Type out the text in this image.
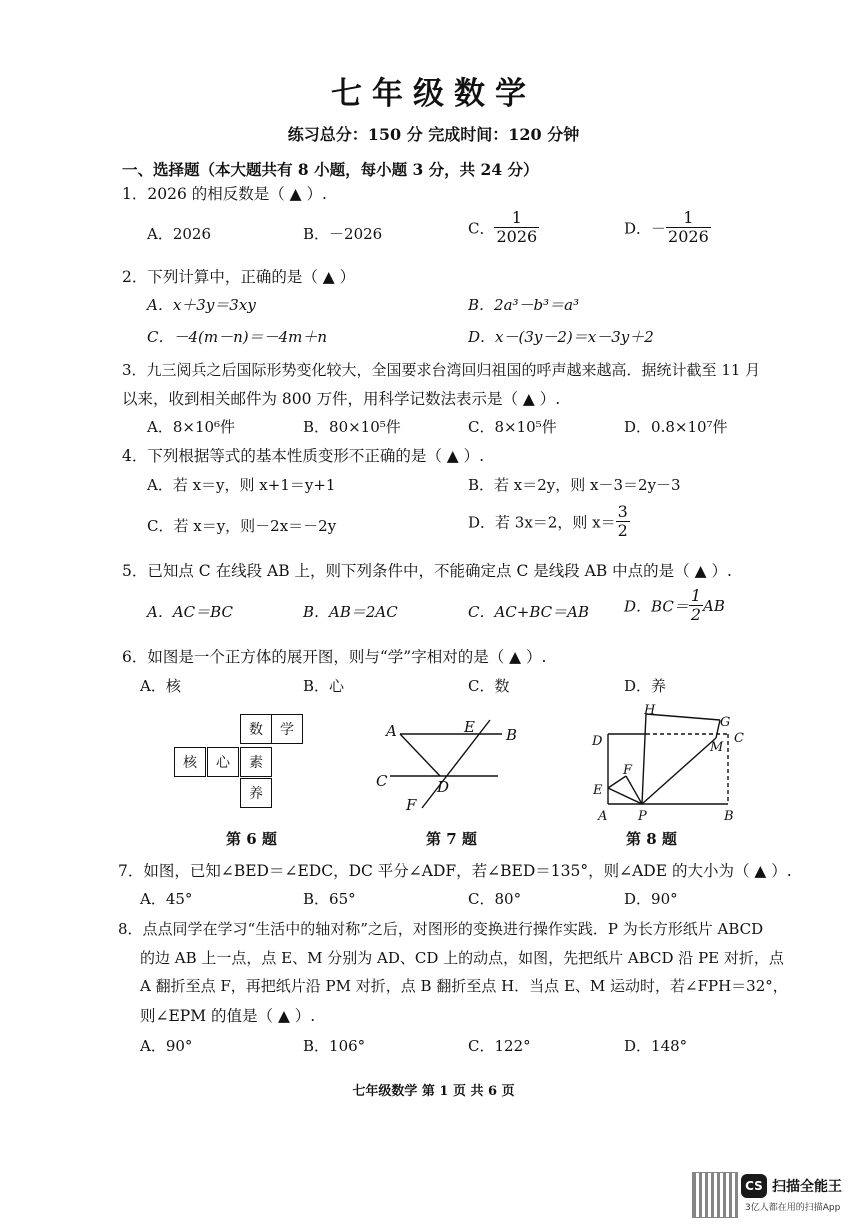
七年级数学
练习总分：150 分 完成时间：120 分钟
一、选择题（本大题共有 8 小题，每小题 3 分，共 24 分）
1．2026 的相反数是（ ▲ ）.
A．2026	B．－2026	C． $\frac{1}{2026}$	D．－ $\frac{1}{2026}$
2．下列计算中，正确的是（ ▲ ）
A．x＋3y＝3xy	B．2a³－b³＝a³
C．－4(m－n)＝－4m＋n	D．x－(3y－2)＝x－3y＋2
3．九三阅兵之后国际形势变化较大，全国要求台湾回归祖国的呼声越来越高．据统计截至 11 月
以来，收到相关邮件为 800 万件，用科学记数法表示是（ ▲ ）.
A．8×10⁶件	B．80×10⁵件	C．8×10⁵件	D．0.8×10⁷件
4．下列根据等式的基本性质变形不正确的是（ ▲ ）.
A．若 x＝y，则 x+1＝y+1	B．若 x＝2y，则 x－3＝2y－3
C．若 x＝y，则－2x＝－2y	D．若 3x＝2，则 $x= \frac{3}{2}$
5．已知点 C 在线段 AB 上，则下列条件中，不能确定点 C 是线段 AB 中点的是（ ▲ ）.
A．AC＝BC	B．AB＝2AC	C．AC+BC＝AB D．$BC= \frac{1}{2}$ AB
6．如图是一个正方体的展开图，则与“学”字相对的是（ ▲ ）.
A．核	B．心	C．数	D．养
数	学
核	心	素
养
第 6 题
A	E B
C	D
F
第 7 题
H
G
D	C
M
F
E
A P	B
第 8 题
7．如图，已知∠BED＝∠EDC，DC 平分∠ADF，若∠BED＝135°，则∠ADE 的大小为（ ▲ ）.
A．45°	B．65°	C．80°	D．90°
8．点点同学在学习“生活中的轴对称”之后，对图形的变换进行操作实践．P 为长方形纸片 ABCD
的边 AB 上一点，点 E、M 分别为 AD、CD 上的动点，如图，先把纸片 ABCD 沿 PE 对折，点
A 翻折至点 F，再把纸片沿 PM 对折，点 B 翻折至点 H．当点 E、M 运动时，若∠FPH＝32°，
则∠EPM 的值是（ ▲ ）.
A．90°	B．106°	C．122°	D．148°
七年级数学 第 1 页 共 6 页
CS 扫描全能王
3亿人都在用的扫描App
